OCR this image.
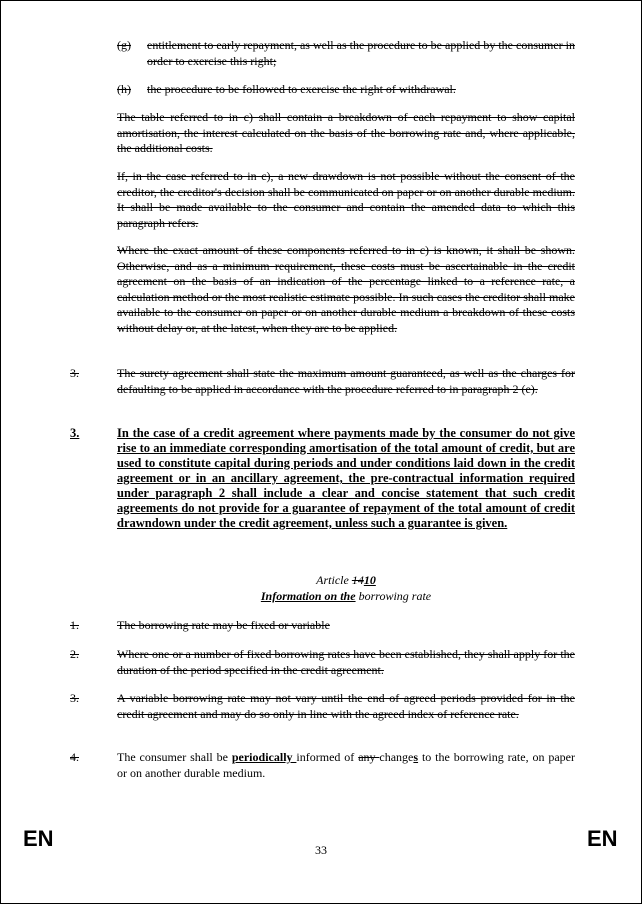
(g)	entitlement to early repayment, as well as the procedure to be applied by the consumer in order to exercise this right;
(h)	the procedure to be followed to exercise the right of withdrawal.
The table referred to in c) shall contain a breakdown of each repayment to show capital amortisation, the interest calculated on the basis of the borrowing rate and, where applicable, the additional costs.
If, in the case referred to in c), a new drawdown is not possible without the consent of the creditor, the creditor's decision shall be communicated on paper or on another durable medium. It shall be made available to the consumer and contain the amended data to which this paragraph refers.
Where the exact amount of these components referred to in c) is known, it shall be shown. Otherwise, and as a minimum requirement, these costs must be ascertainable in the credit agreement on the basis of an indication of the percentage linked to a reference rate, a calculation method or the most realistic estimate possible. In such cases the creditor shall make available to the consumer on paper or on another durable medium a breakdown of these costs without delay or, at the latest, when they are to be applied.
3.	The surety agreement shall state the maximum amount guaranteed, as well as the charges for defaulting to be applied in accordance with the procedure referred to in paragraph 2 (e).
3.	In the case of a credit agreement where payments made by the consumer do not give rise to an immediate corresponding amortisation of the total amount of credit, but are used to constitute capital during periods and under conditions laid down in the credit agreement or in an ancillary agreement, the pre-contractual information required under paragraph 2 shall include a clear and concise statement that such credit agreements do not provide for a guarantee of repayment of the total amount of credit drawndown under the credit agreement, unless such a guarantee is given.
Article 1410
Information on the borrowing rate
1.	The borrowing rate may be fixed or variable
2.	Where one or a number of fixed borrowing rates have been established, they shall apply for the duration of the period specified in the credit agreement.
3.	A variable borrowing rate may not vary until the end of agreed periods provided for in the credit agreement and may do so only in line with the agreed index of reference rate.
4.	The consumer shall be periodically informed of any changes to the borrowing rate, on paper or on another durable medium.
EN	33	EN
